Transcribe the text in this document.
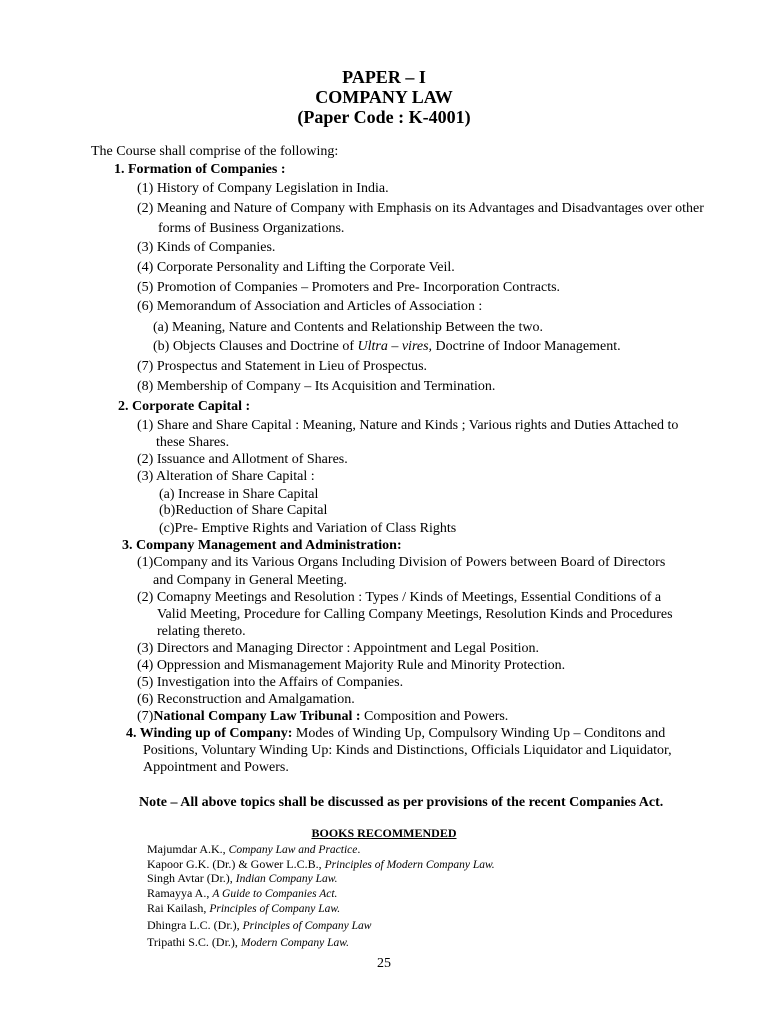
PAPER – I
COMPANY LAW
(Paper Code : K-4001)
The Course shall comprise of the following:
1. Formation of Companies :
(1) History of Company Legislation in India.
(2) Meaning and Nature of Company with Emphasis on its Advantages and Disadvantages over other
forms of Business Organizations.
(3) Kinds of Companies.
(4) Corporate Personality and Lifting the Corporate Veil.
(5) Promotion of Companies – Promoters and Pre- Incorporation Contracts.
(6) Memorandum of Association and Articles of Association :
(a) Meaning, Nature and Contents and Relationship Between the two.
(b) Objects Clauses and Doctrine of Ultra – vires, Doctrine of Indoor Management.
(7) Prospectus and Statement in Lieu of Prospectus.
(8) Membership of Company – Its Acquisition and Termination.
2. Corporate Capital :
(1) Share and Share Capital : Meaning, Nature and Kinds ; Various rights and Duties Attached to
these Shares.
(2) Issuance and Allotment of Shares.
(3) Alteration of Share Capital :
(a) Increase in Share Capital
(b)Reduction of Share Capital
(c)Pre- Emptive Rights and Variation of Class Rights
3. Company Management and Administration:
(1)Company and its Various Organs Including Division of Powers between Board of Directors
and Company in General Meeting.
(2) Comapny Meetings and Resolution : Types / Kinds of Meetings, Essential Conditions of a
Valid Meeting, Procedure for Calling Company Meetings, Resolution Kinds and Procedures
relating thereto.
(3) Directors and Managing Director : Appointment and Legal Position.
(4) Oppression and Mismanagement Majority Rule and Minority Protection.
(5) Investigation into the Affairs of Companies.
(6) Reconstruction and Amalgamation.
(7)National Company Law Tribunal : Composition and Powers.
4. Winding up of Company: Modes of Winding Up, Compulsory Winding Up – Conditons and
Positions, Voluntary Winding Up: Kinds and Distinctions, Officials Liquidator and Liquidator,
Appointment and Powers.
Note – All above topics shall be discussed as per provisions of the recent Companies Act.
BOOKS RECOMMENDED
Majumdar A.K., Company Law and Practice.
Kapoor G.K. (Dr.) & Gower L.C.B., Principles of Modern Company Law.
Singh Avtar (Dr.), Indian Company Law.
Ramayya A., A Guide to Companies Act.
Rai Kailash, Principles of Company Law.
Dhingra L.C. (Dr.), Principles of Company Law
Tripathi S.C. (Dr.), Modern Company Law.
25
